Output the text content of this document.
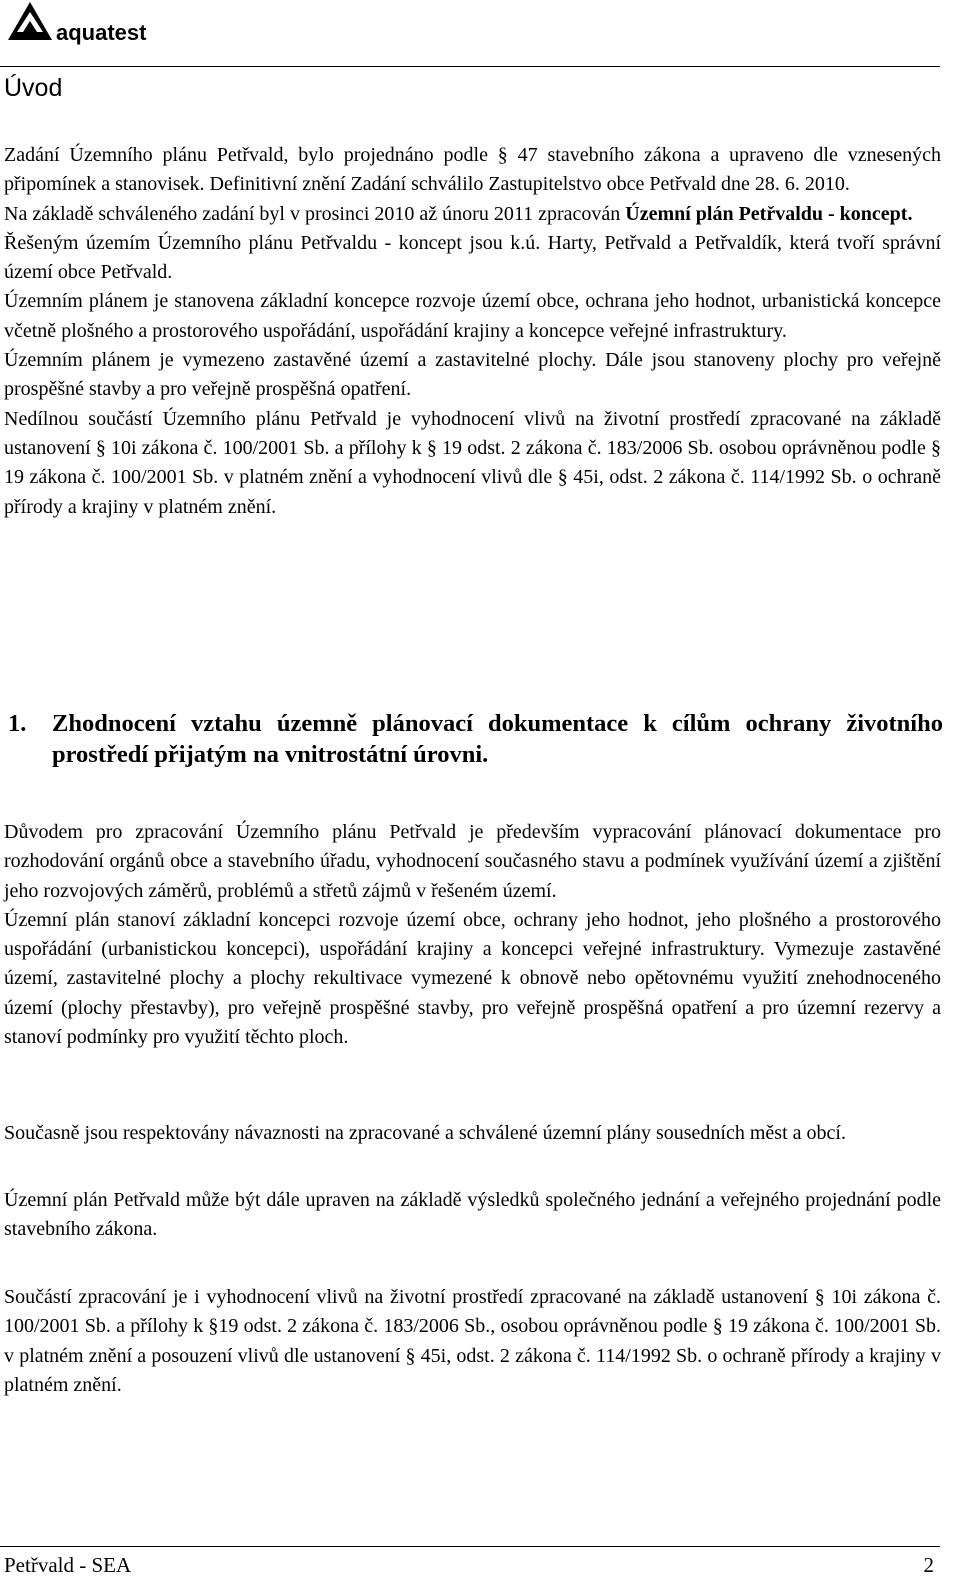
aquatest
Úvod

Zadání Územního plánu Petřvald, bylo projednáno podle § 47 stavebního zákona a upraveno dle vznesených připomínek a stanovisek. Definitivní znění Zadání schválilo Zastupitelstvo obce Petřvald dne 28. 6. 2010.

Na základě schváleného zadání byl v prosinci 2010 až únoru 2011 zpracován Územní plán Petřvaldu - koncept.

Řešeným územím Územního plánu Petřvaldu - koncept jsou k.ú. Harty, Petřvald a Petřvaldík, která tvoří správní území obce Petřvald.

Územním plánem je stanovena základní koncepce rozvoje území obce, ochrana jeho hodnot, urbanistická koncepce včetně plošného a prostorového uspořádání, uspořádání krajiny a koncepce veřejné infrastruktury.

Územním plánem je vymezeno zastavěné území a zastavitelné plochy. Dále jsou stanoveny plochy pro veřejně prospěšné stavby a pro veřejně prospěšná opatření.

Nedílnou součástí Územního plánu Petřvald je vyhodnocení vlivů na životní prostředí zpracované na základě ustanovení § 10i zákona č. 100/2001 Sb. a přílohy k § 19 odst. 2 zákona č. 183/2006 Sb. osobou oprávněnou podle § 19 zákona č. 100/2001 Sb. v platném znění a vyhodnocení vlivů dle § 45i, odst. 2 zákona č. 114/1992 Sb. o ochraně přírody a krajiny v platném znění.

1.	Zhodnocení vztahu územně plánovací dokumentace k cílům ochrany životního prostředí přijatým na vnitrostátní úrovni.

Důvodem pro zpracování Územního plánu Petřvald je především vypracování plánovací dokumentace pro rozhodování orgánů obce a stavebního úřadu, vyhodnocení současného stavu a podmínek využívání území a zjištění jeho rozvojových záměrů, problémů a střetů zájmů v řešeném území.

Územní plán stanoví základní koncepci rozvoje území obce, ochrany jeho hodnot, jeho plošného a prostorového uspořádání (urbanistickou koncepci), uspořádání krajiny a koncepci veřejné infrastruktury. Vymezuje zastavěné území, zastavitelné plochy a plochy rekultivace vymezené k obnově nebo opětovnému využití znehodnoceného území (plochy přestavby), pro veřejně prospěšné stavby, pro veřejně prospěšná opatření a pro územní rezervy a stanoví podmínky pro využití těchto ploch.

Současně jsou respektovány návaznosti na zpracované a schválené územní plány sousedních měst a obcí.

Územní plán Petřvald může být dále upraven na základě výsledků společného jednání a veřejného projednání podle stavebního zákona.

Součástí zpracování je i vyhodnocení vlivů na životní prostředí zpracované na základě ustanovení § 10i zákona č. 100/2001 Sb. a přílohy k §19 odst. 2 zákona č. 183/2006 Sb., osobou oprávněnou podle § 19 zákona č. 100/2001 Sb. v platném znění a posouzení vlivů dle ustanovení § 45i, odst. 2 zákona č. 114/1992 Sb. o ochraně přírody a krajiny v platném znění.

Petřvald - SEA	2
